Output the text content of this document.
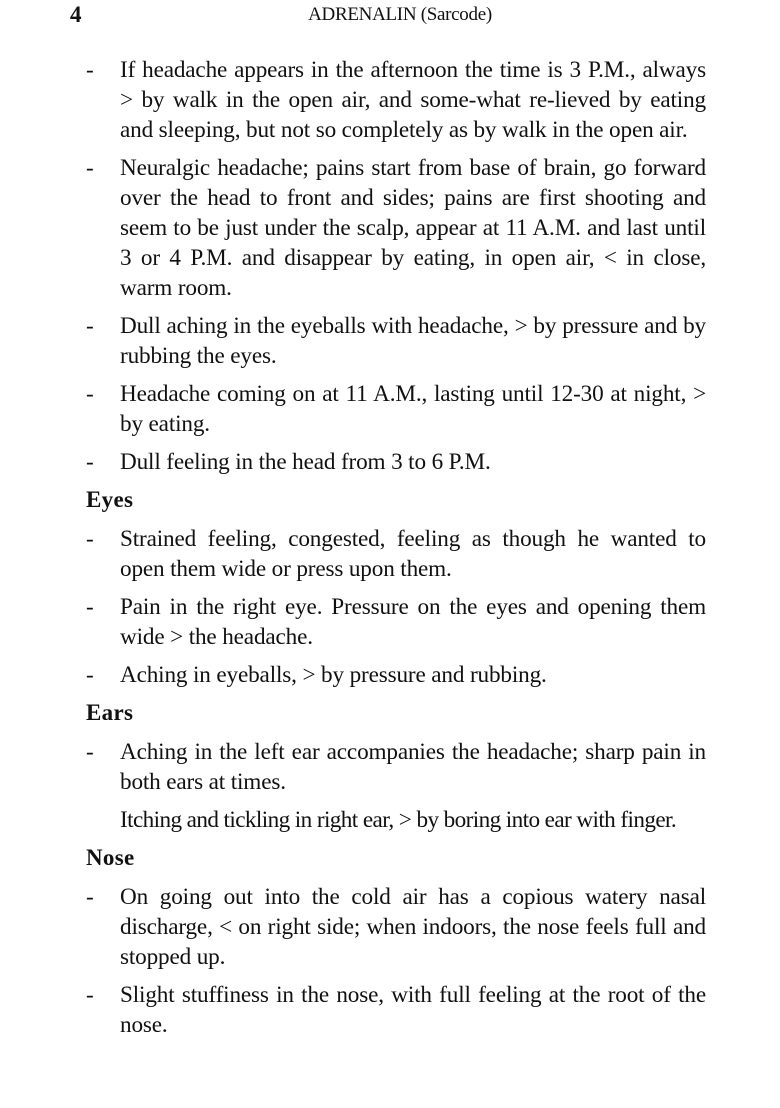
4	ADRENALIN (Sarcode)
- If headache appears in the afternoon the time is 3 P.M., always > by walk in the open air, and some-what re-lieved by eating and sleeping, but not so completely as by walk in the open air.
- Neuralgic headache; pains start from base of brain, go forward over the head to front and sides; pains are first shooting and seem to be just under the scalp, appear at 11 A.M. and last until 3 or 4 P.M. and disappear by eating, in open air, < in close, warm room.
- Dull aching in the eyeballs with headache, > by pressure and by rubbing the eyes.
- Headache coming on at 11 A.M., lasting until 12-30 at night, > by eating.
- Dull feeling in the head from 3 to 6 P.M.
Eyes
- Strained feeling, congested, feeling as though he wanted to open them wide or press upon them.
- Pain in the right eye. Pressure on the eyes and opening them wide > the headache.
- Aching in eyeballs, > by pressure and rubbing.
Ears
- Aching in the left ear accompanies the headache; sharp pain in both ears at times.
Itching and tickling in right ear, > by boring into ear with finger.
Nose
- On going out into the cold air has a copious watery nasal discharge, < on right side; when indoors, the nose feels full and stopped up.
- Slight stuffiness in the nose, with full feeling at the root of the nose.
